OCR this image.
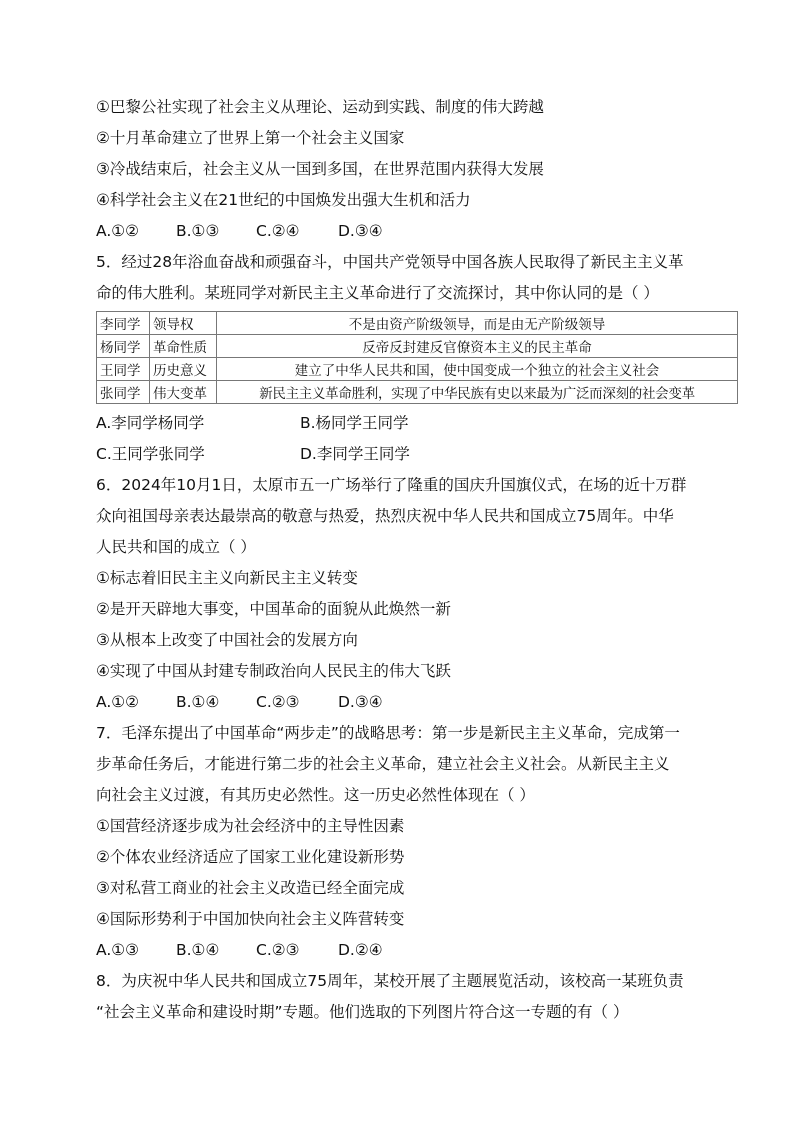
①巴黎公社实现了社会主义从理论、运动到实践、制度的伟大跨越
②十月革命建立了世界上第一个社会主义国家
③冷战结束后，社会主义从一国到多国，在世界范围内获得大发展
④科学社会主义在21世纪的中国焕发出强大生机和活力
A.①② B.①③ C.②④ D.③④
5．经过28年浴血奋战和顽强奋斗，中国共产党领导中国各族人民取得了新民主主义革
命的伟大胜利。某班同学对新民主主义革命进行了交流探讨，其中你认同的是（ ）
李同学	领导权	不是由资产阶级领导，而是由无产阶级领导
杨同学	革命性质	反帝反封建反官僚资本主义的民主革命
王同学	历史意义	建立了中华人民共和国，使中国变成一个独立的社会主义社会
张同学	伟大变革	新民主主义革命胜利，实现了中华民族有史以来最为广泛而深刻的社会变革
A.李同学杨同学	B.杨同学王同学
C.王同学张同学	D.李同学王同学
6．2024年10月1日，太原市五一广场举行了隆重的国庆升国旗仪式，在场的近十万群
众向祖国母亲表达最崇高的敬意与热爱，热烈庆祝中华人民共和国成立75周年。中华
人民共和国的成立（ ）
①标志着旧民主主义向新民主主义转变
②是开天辟地大事变，中国革命的面貌从此焕然一新
③从根本上改变了中国社会的发展方向
④实现了中国从封建专制政治向人民民主的伟大飞跃
A.①② B.①④ C.②③ D.③④
7．毛泽东提出了中国革命“两步走”的战略思考：第一步是新民主主义革命，完成第一
步革命任务后，才能进行第二步的社会主义革命，建立社会主义社会。从新民主主义
向社会主义过渡，有其历史必然性。这一历史必然性体现在（ ）
①国营经济逐步成为社会经济中的主导性因素
②个体农业经济适应了国家工业化建设新形势
③对私营工商业的社会主义改造已经全面完成
④国际形势利于中国加快向社会主义阵营转变
A.①③ B.①④ C.②③ D.②④
8．为庆祝中华人民共和国成立75周年，某校开展了主题展览活动，该校高一某班负责
“社会主义革命和建设时期”专题。他们选取的下列图片符合这一专题的有（ ）
